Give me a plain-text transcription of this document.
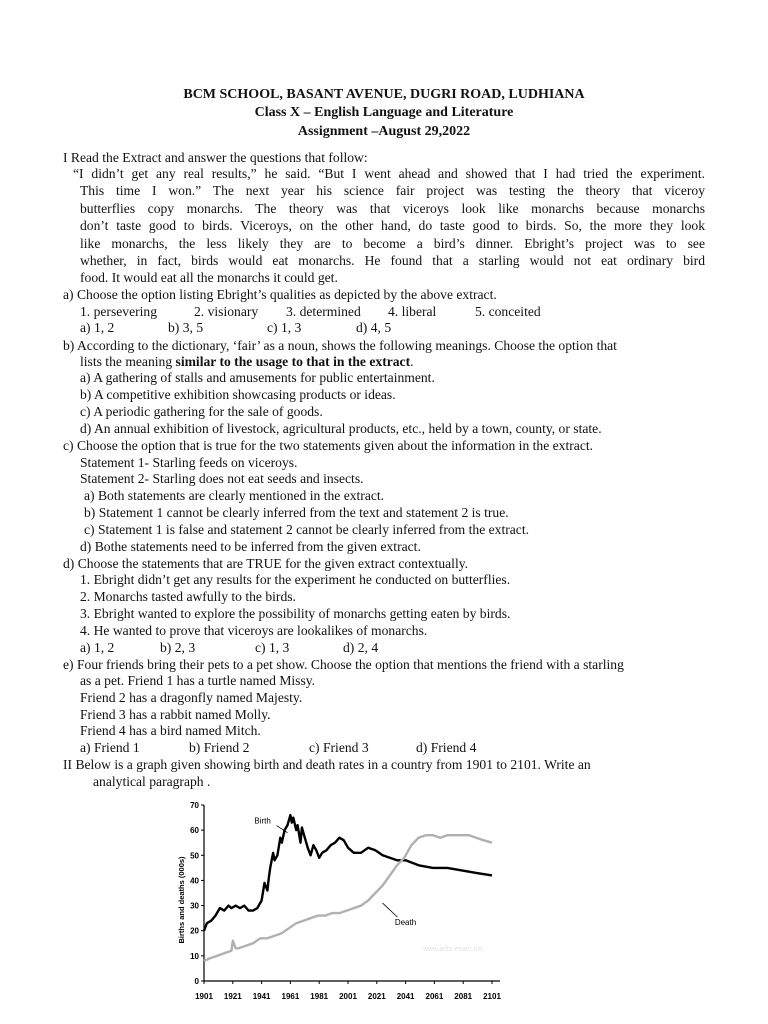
BCM SCHOOL, BASANT AVENUE, DUGRI ROAD, LUDHIANA
Class X – English Language and Literature
Assignment –August 29,2022
I Read the Extract and answer the questions that follow:
“I didn’t get any real results,” he said. “But I went ahead and showed that I had tried the experiment.
This time I won.” The next year his science fair project was testing the theory that viceroy
butterflies copy monarchs. The theory was that viceroys look like monarchs because monarchs
don’t taste good to birds. Viceroys, on the other hand, do taste good to birds. So, the more they look
like monarchs, the less likely they are to become a bird’s dinner. Ebright’s project was to see
whether, in fact, birds would eat monarchs. He found that a starling would not eat ordinary bird
food. It would eat all the monarchs it could get.
a) Choose the option listing Ebright’s qualities as depicted by the above extract.
1. persevering	2. visionary 3. determined 4. liberal	5. conceited
a) 1, 2	b) 3, 5	c) 1, 3	d) 4, 5
b) According to the dictionary, ‘fair’ as a noun, shows the following meanings. Choose the option that
lists the meaning similar to the usage to that in the extract.
a) A gathering of stalls and amusements for public entertainment.
b) A competitive exhibition showcasing products or ideas.
c) A periodic gathering for the sale of goods.
d) An annual exhibition of livestock, agricultural products, etc., held by a town, county, or state.
c) Choose the option that is true for the two statements given about the information in the extract.
Statement 1- Starling feeds on viceroys.
Statement 2- Starling does not eat seeds and insects.
a) Both statements are clearly mentioned in the extract.
b) Statement 1 cannot be clearly inferred from the text and statement 2 is true.
c) Statement 1 is false and statement 2 cannot be clearly inferred from the extract.
d) Bothe statements need to be inferred from the given extract.
d) Choose the statements that are TRUE for the given extract contextually.
1. Ebright didn’t get any results for the experiment he conducted on butterflies.
2. Monarchs tasted awfully to the birds.
3. Ebright wanted to explore the possibility of monarchs getting eaten by birds.
4. He wanted to prove that viceroys are lookalikes of monarchs.
a) 1, 2	b) 2, 3	c) 1, 3	d) 2, 4
e) Four friends bring their pets to a pet show. Choose the option that mentions the friend with a starling
as a pet. Friend 1 has a turtle named Missy.
Friend 2 has a dragonfly named Majesty.
Friend 3 has a rabbit named Molly.
Friend 4 has a bird named Mitch.
a) Friend 1	b) Friend 2	c) Friend 3	d) Friend 4
II Below is a graph given showing birth and death rates in a country from 1901 to 2101. Write an
analytical paragraph .
www.ielts-exam.net
0
10
20
30
40
50
60
70
1901 1921 1941 1961 1981 2001 2021 2041 2061 2081 2101
Birth
Death
Births and deaths (000s)
